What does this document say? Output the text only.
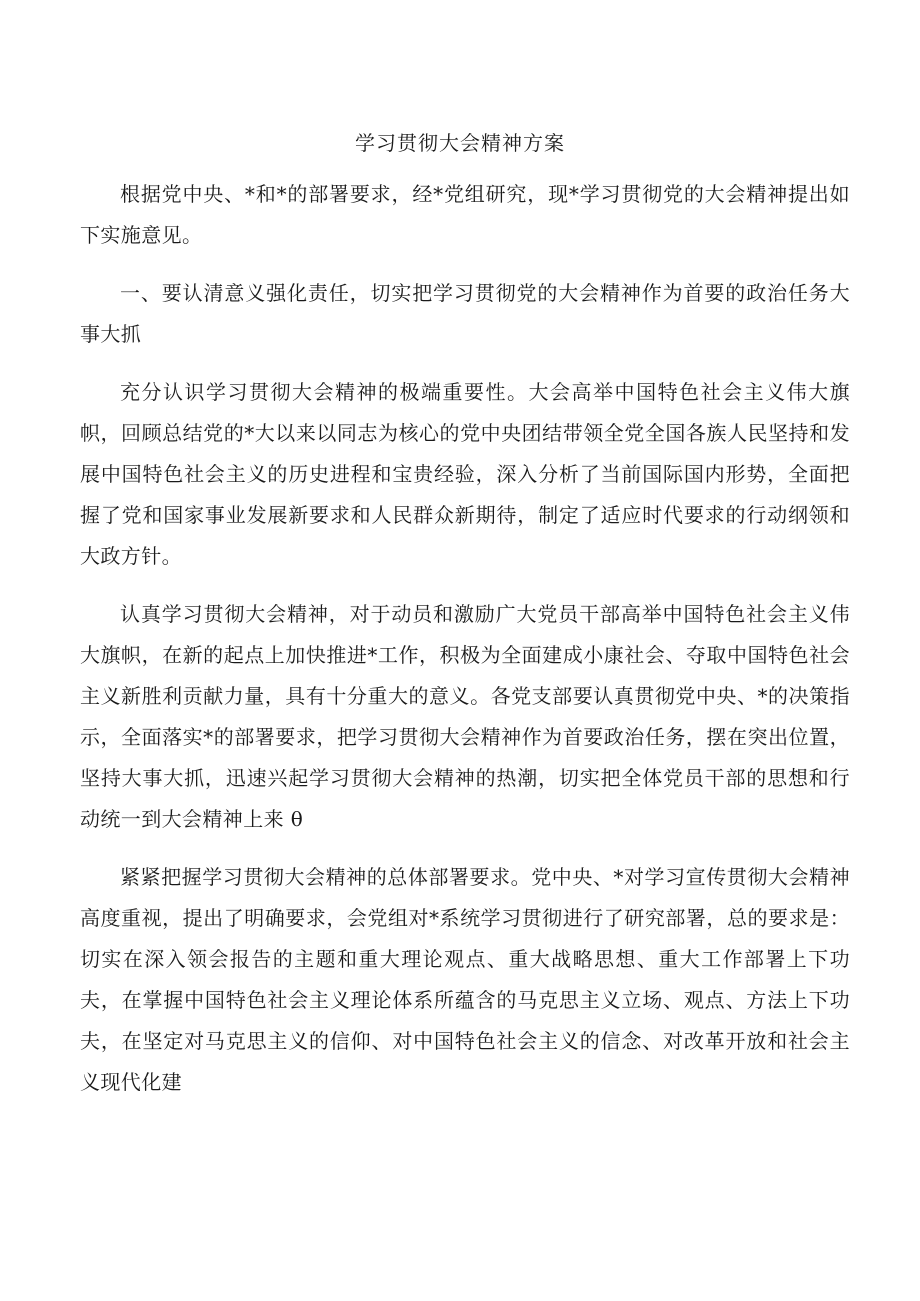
学习贯彻大会精神方案

根据党中央、*和*的部署要求，经*党组研究，现*学习贯彻党的大会精神提出如下实施意见。

一、要认清意义强化责任，切实把学习贯彻党的大会精神作为首要的政治任务大事大抓

充分认识学习贯彻大会精神的极端重要性。大会高举中国特色社会主义伟大旗帜，回顾总结党的*大以来以同志为核心的党中央团结带领全党全国各族人民坚持和发展中国特色社会主义的历史进程和宝贵经验，深入分析了当前国际国内形势，全面把握了党和国家事业发展新要求和人民群众新期待，制定了适应时代要求的行动纲领和大政方针。

认真学习贯彻大会精神，对于动员和激励广大党员干部高举中国特色社会主义伟大旗帜，在新的起点上加快推进*工作，积极为全面建成小康社会、夺取中国特色社会主义新胜利贡献力量，具有十分重大的意义。各党支部要认真贯彻党中央、*的决策指示，全面落实*的部署要求，把学习贯彻大会精神作为首要政治任务，摆在突出位置，坚持大事大抓，迅速兴起学习贯彻大会精神的热潮，切实把全体党员干部的思想和行动统一到大会精神上来 θ

紧紧把握学习贯彻大会精神的总体部署要求。党中央、*对学习宣传贯彻大会精神高度重视，提出了明确要求，会党组对*系统学习贯彻进行了研究部署，总的要求是：切实在深入领会报告的主题和重大理论观点、重大战略思想、重大工作部署上下功夫，在掌握中国特色社会主义理论体系所蕴含的马克思主义立场、观点、方法上下功夫，在坚定对马克思主义的信仰、对中国特色社会主义的信念、对改革开放和社会主义现代化建
